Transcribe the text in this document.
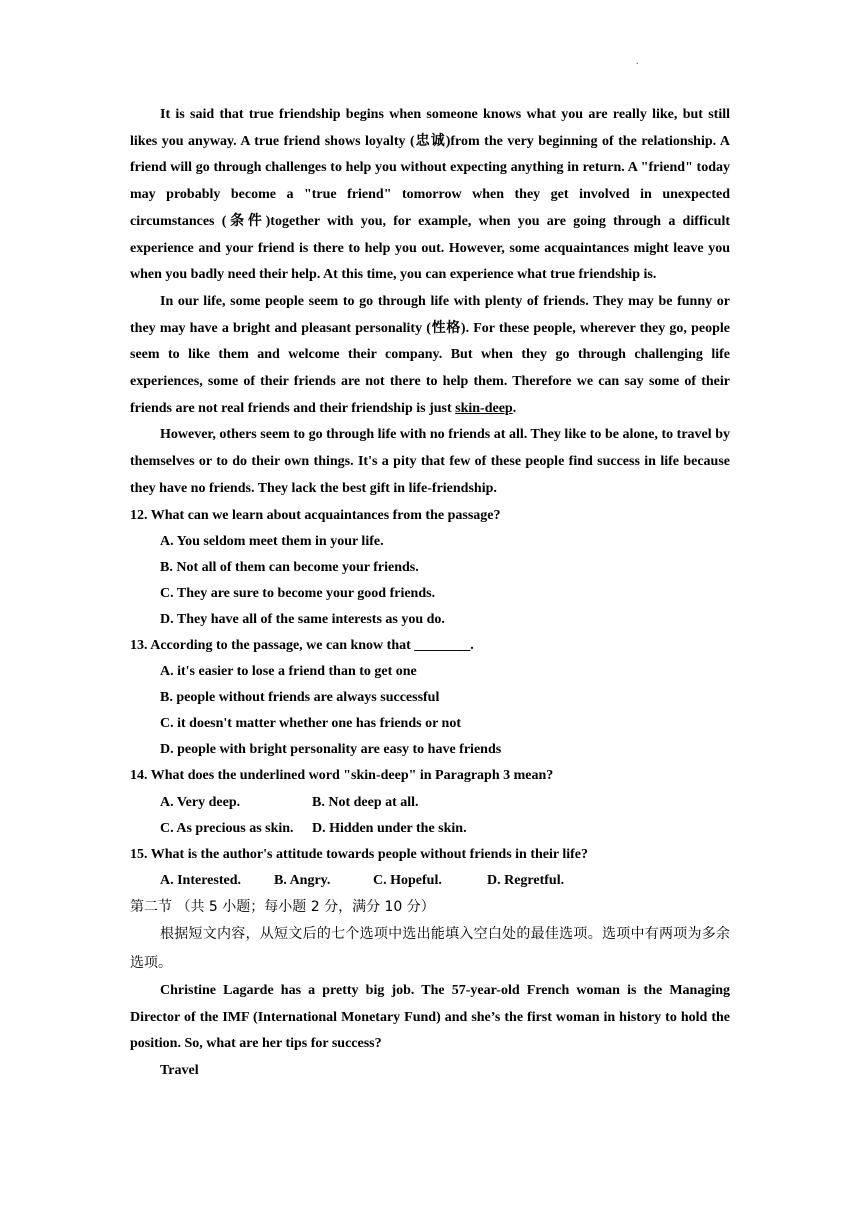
.

It is said that true friendship begins when someone knows what you are really like, but still likes you anyway. A true friend shows loyalty (忠诚)from the very beginning of the relationship. A friend will go through challenges to help you without expecting anything in return. A "friend" today may probably become a "true friend" tomorrow when they get involved in unexpected circumstances (条件)together with you, for example, when you are going through a difficult experience and your friend is there to help you out. However, some acquaintances might leave you when you badly need their help. At this time, you can experience what true friendship is.

In our life, some people seem to go through life with plenty of friends. They may be funny or they may have a bright and pleasant personality (性格). For these people, wherever they go, people seem to like them and welcome their company. But when they go through challenging life experiences, some of their friends are not there to help them. Therefore we can say some of their friends are not real friends and their friendship is just skin-deep.

However, others seem to go through life with no friends at all. They like to be alone, to travel by themselves or to do their own things. It's a pity that few of these people find success in life because they have no friends. They lack the best gift in life-friendship.

12. What can we learn about acquaintances from the passage?

A. You seldom meet them in your life.

B. Not all of them can become your friends.

C. They are sure to become your good friends.

D. They have all of the same interests as you do.

13. According to the passage, we can know that ________.

A. it's easier to lose a friend than to get one

B. people without friends are always successful

C. it doesn't matter whether one has friends or not

D. people with bright personality are easy to have friends

14. What does the underlined word "skin-deep" in Paragraph 3 mean?

A. Very deep.	B. Not deep at all.
C. As precious as skin.	D. Hidden under the skin.

15. What is the author's attitude towards people without friends in their life?

A. Interested.	B. Angry.	C. Hopeful.	D. Regretful.

第二节 （共 5 小题；每小题 2 分，满分 10 分）

根据短文内容，从短文后的七个选项中选出能填入空白处的最佳选项。选项中有两项为多余选项。

Christine Lagarde has a pretty big job. The 57-year-old French woman is the Managing Director of the IMF (International Monetary Fund) and she’s the first woman in history to hold the position. So, what are her tips for success?

Travel
